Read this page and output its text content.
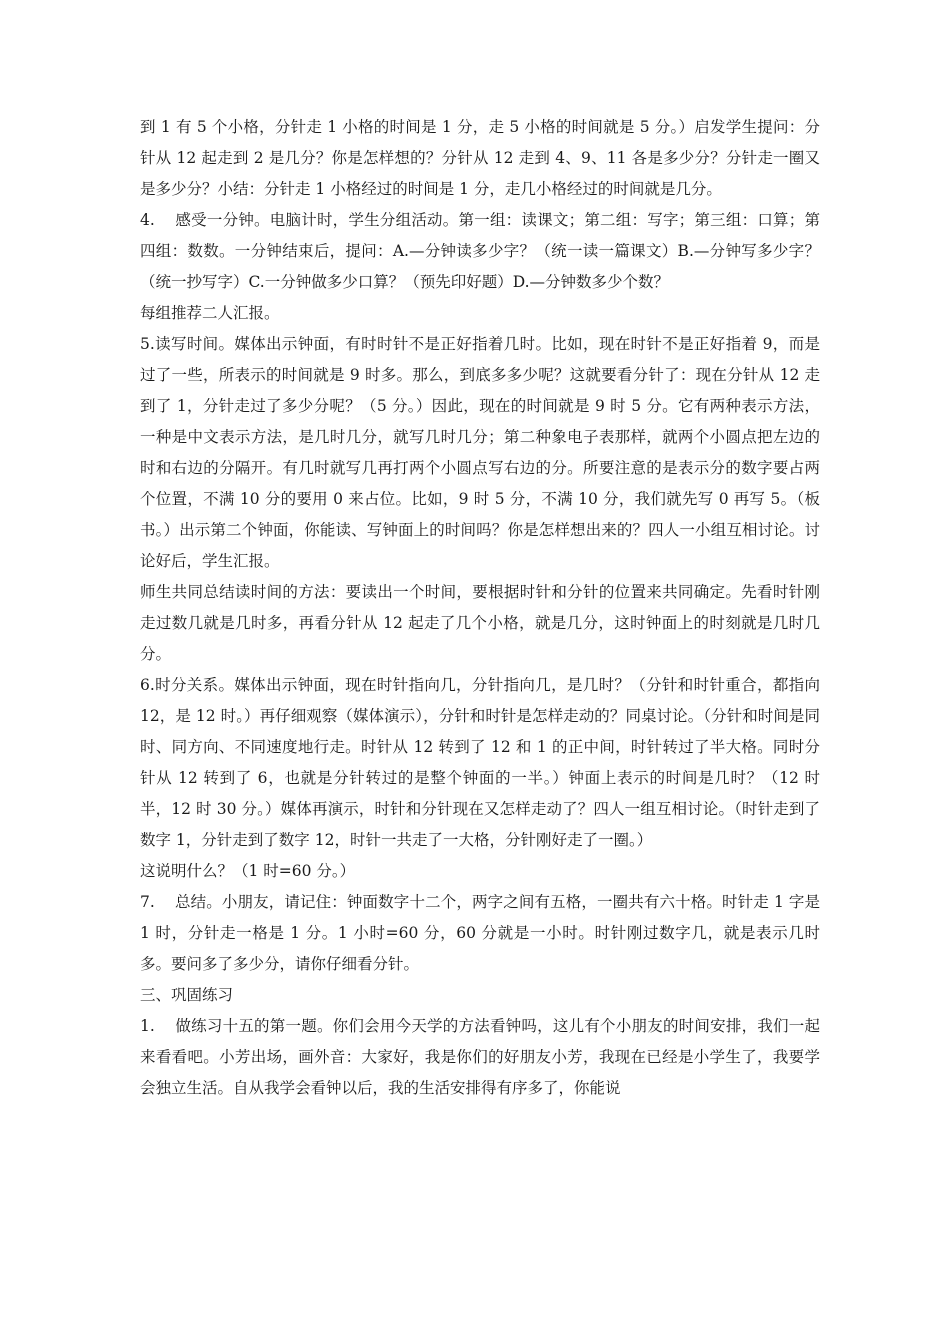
到 1 有 5 个小格，分针走 1 小格的时间是 1 分，走 5 小格的时间就是 5 分。）启发学生提问：分针从 12 起走到 2 是几分？你是怎样想的？分针从 12 走到 4、9、11 各是多少分？分针走一圈又是多少分？小结：分针走 1 小格经过的时间是 1 分，走几小格经过的时间就是几分。

4.    感受一分钟。电脑计时，学生分组活动。第一组：读课文；第二组：写字；第三组：口算；第四组：数数。一分钟结束后，提问：A.—分钟读多少字？（统一读一篇课文）B.—分钟写多少字？（统一抄写字）C.一分钟做多少口算？（预先印好题）D.—分钟数多少个数？

每组推荐二人汇报。

5.读写时间。媒体出示钟面，有时时针不是正好指着几时。比如，现在时针不是正好指着 9，而是过了一些，所表示的时间就是 9 时多。那么，到底多多少呢？这就要看分针了：现在分针从 12 走到了 1，分针走过了多少分呢？（5 分。）因此，现在的时间就是 9 时 5 分。它有两种表示方法，一种是中文表示方法，是几时几分，就写几时几分；第二种象电子表那样，就两个小圆点把左边的时和右边的分隔开。有几时就写几再打两个小圆点写右边的分。所要注意的是表示分的数字要占两个位置，不满 10 分的要用 0 来占位。比如，9 时 5 分，不满 10 分，我们就先写 0 再写 5。（板书。）出示第二个钟面，你能读、写钟面上的时间吗？你是怎样想出来的？四人一小组互相讨论。讨论好后，学生汇报。

师生共同总结读时间的方法：要读出一个时间，要根据时针和分针的位置来共同确定。先看时针刚走过数几就是几时多，再看分针从 12 起走了几个小格，就是几分，这时钟面上的时刻就是几时几分。

6.时分关系。媒体出示钟面，现在时针指向几，分针指向几，是几时？（分针和时针重合，都指向 12，是 12 时。）再仔细观察（媒体演示），分针和时针是怎样走动的？同桌讨论。（分针和时间是同时、同方向、不同速度地行走。时针从 12 转到了 12 和 1 的正中间，时针转过了半大格。同时分针从 12 转到了 6，也就是分针转过的是整个钟面的一半。）钟面上表示的时间是几时？（12 时半，12 时 30 分。）媒体再演示，时针和分针现在又怎样走动了？四人一组互相讨论。（时针走到了数字 1，分针走到了数字 12，时针一共走了一大格，分针刚好走了一圈。）

这说明什么？（1 时=60 分。）

7.    总结。小朋友，请记住：钟面数字十二个，两字之间有五格，一圈共有六十格。时针走 1 字是 1 时，分针走一格是 1 分。1 小时=60 分，60 分就是一小时。时针刚过数字几，就是表示几时多。要问多了多少分，请你仔细看分针。

三、巩固练习

1.    做练习十五的第一题。你们会用今天学的方法看钟吗，这儿有个小朋友的时间安排，我们一起来看看吧。小芳出场，画外音：大家好，我是你们的好朋友小芳，我现在已经是小学生了，我要学会独立生活。自从我学会看钟以后，我的生活安排得有序多了，你能说
